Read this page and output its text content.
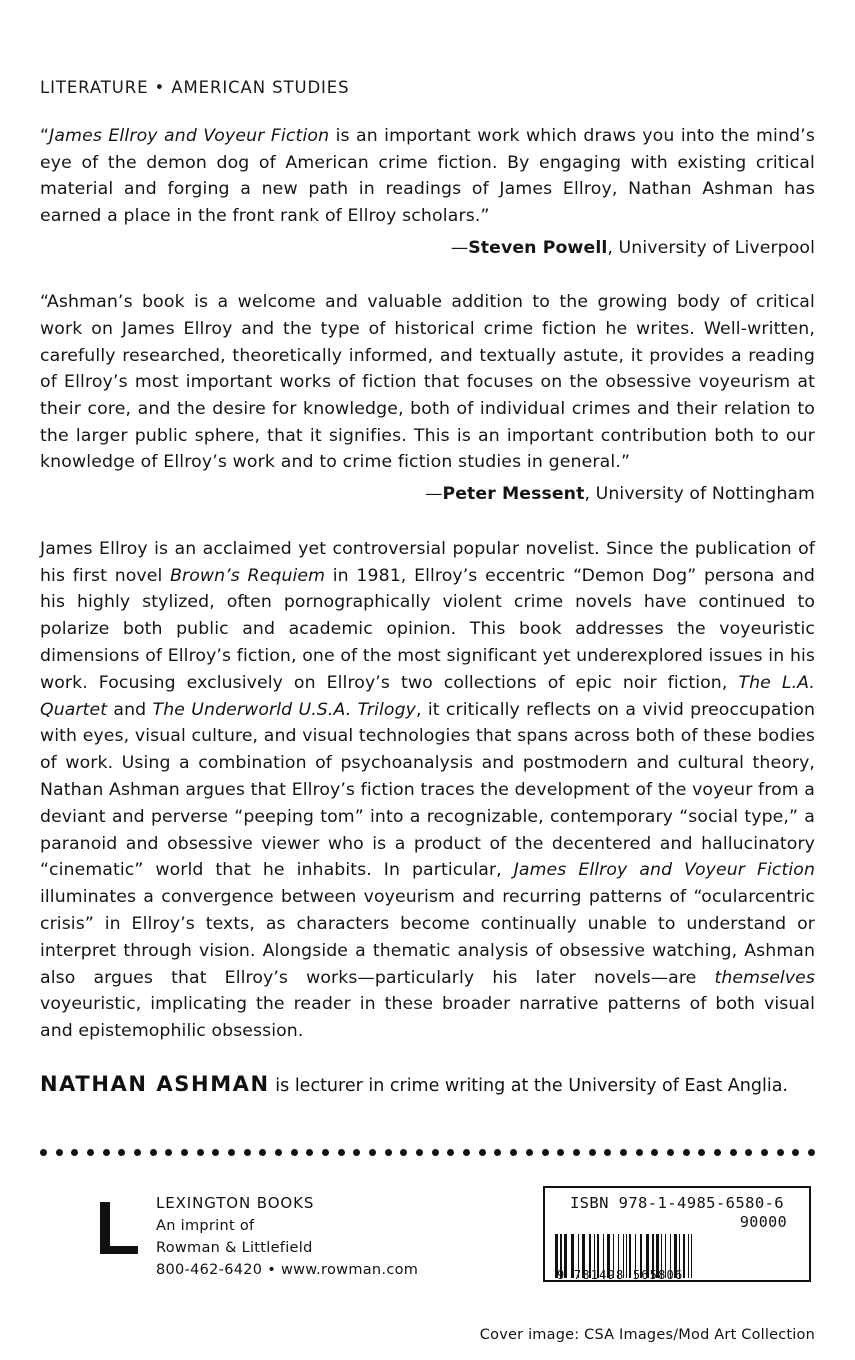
LITERATURE • AMERICAN STUDIES
“James Ellroy and Voyeur Fiction is an important work which draws you into the mind’s eye of the demon dog of American crime fiction. By engaging with existing critical material and forging a new path in readings of James Ellroy, Nathan Ashman has earned a place in the front rank of Ellroy scholars.”
—Steven Powell, University of Liverpool
“Ashman’s book is a welcome and valuable addition to the growing body of critical work on James Ellroy and the type of historical crime fiction he writes. Well-written, carefully researched, theoretically informed, and textually astute, it provides a reading of Ellroy’s most important works of fiction that focuses on the obsessive voyeurism at their core, and the desire for knowledge, both of individual crimes and their relation to the larger public sphere, that it signifies. This is an important contribution both to our knowledge of Ellroy’s work and to crime fiction studies in general.”
—Peter Messent, University of Nottingham
James Ellroy is an acclaimed yet controversial popular novelist. Since the publication of his first novel Brown’s Requiem in 1981, Ellroy’s eccentric “Demon Dog” persona and his highly stylized, often pornographically violent crime novels have continued to polarize both public and academic opinion. This book addresses the voyeuristic dimensions of Ellroy’s fiction, one of the most significant yet underexplored issues in his work. Focusing exclusively on Ellroy’s two collections of epic noir fiction, The L.A. Quartet and The Underworld U.S.A. Trilogy, it critically reflects on a vivid preoccupation with eyes, visual culture, and visual technologies that spans across both of these bodies of work. Using a combination of psychoanalysis and postmodern and cultural theory, Nathan Ashman argues that Ellroy’s fiction traces the development of the voyeur from a deviant and perverse “peeping tom” into a recognizable, contemporary “social type,” a paranoid and obsessive viewer who is a product of the decentered and hallucinatory “cinematic” world that he inhabits. In particular, James Ellroy and Voyeur Fiction illuminates a convergence between voyeurism and recurring patterns of “ocularcentric crisis” in Ellroy’s texts, as characters become continually unable to understand or interpret through vision. Alongside a thematic analysis of obsessive watching, Ashman also argues that Ellroy’s works—particularly his later novels—are themselves voyeuristic, implicating the reader in these broader narrative patterns of both visual and epistemophilic obsession.
NATHAN ASHMAN is lecturer in crime writing at the University of East Anglia.
LEXINGTON BOOKS
An imprint of
Rowman & Littlefield
800-462-6420 • www.rowman.com
ISBN 978-1-4985-6580-6
90000
9 781498 565806
Cover image: CSA Images/Mod Art Collection
